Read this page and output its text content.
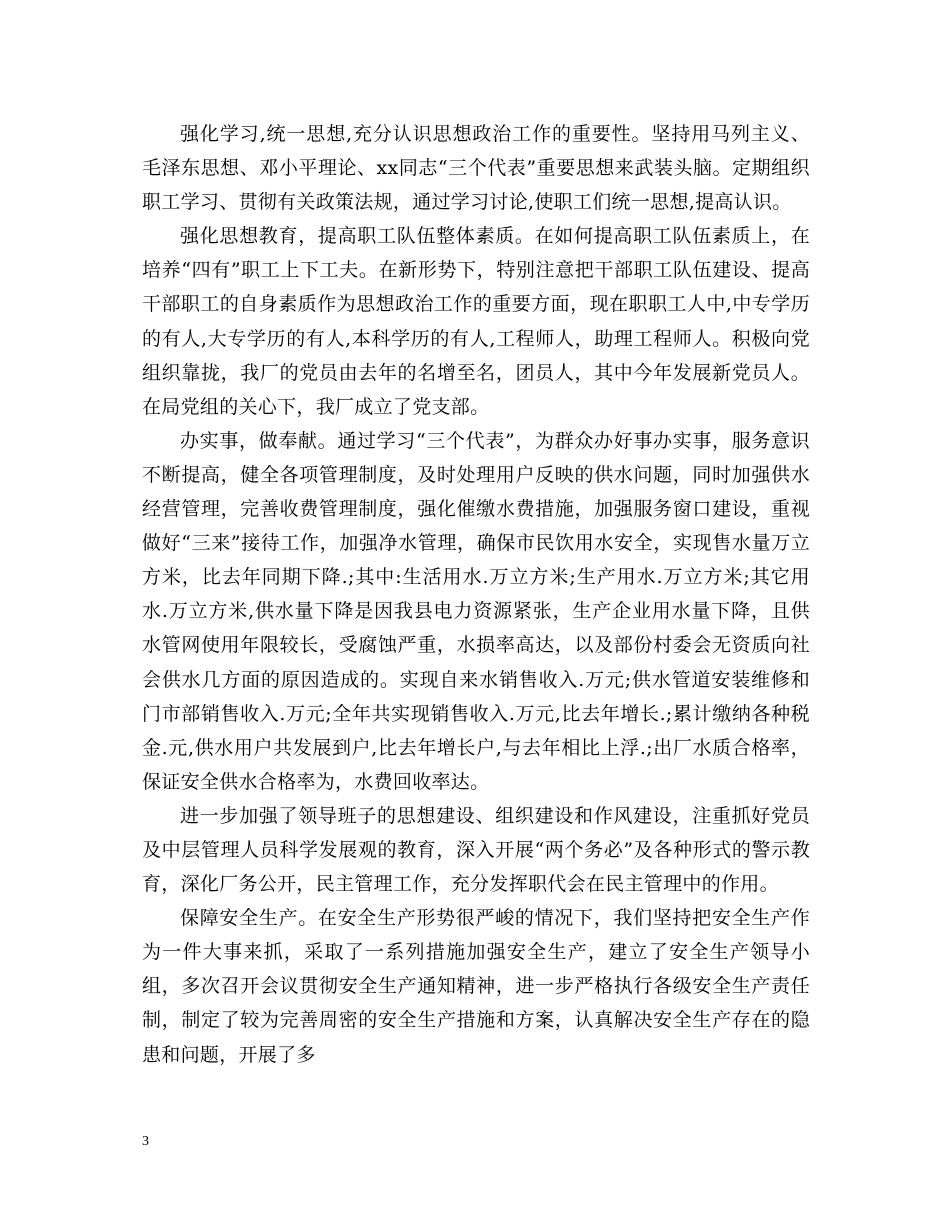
强化学习,统一思想,充分认识思想政治工作的重要性。坚持用马列主义、毛泽东思想、邓小平理论、xx同志“三个代表”重要思想来武装头脑。定期组织职工学习、贯彻有关政策法规，通过学习讨论,使职工们统一思想,提高认识。

强化思想教育，提高职工队伍整体素质。在如何提高职工队伍素质上，在培养“四有”职工上下工夫。在新形势下，特别注意把干部职工队伍建设、提高干部职工的自身素质作为思想政治工作的重要方面，现在职职工人中,中专学历的有人,大专学历的有人,本科学历的有人,工程师人，助理工程师人。积极向党组织靠拢，我厂的党员由去年的名增至名，团员人，其中今年发展新党员人。在局党组的关心下，我厂成立了党支部。

办实事，做奉献。通过学习“三个代表”，为群众办好事办实事，服务意识不断提高，健全各项管理制度，及时处理用户反映的供水问题，同时加强供水经营管理，完善收费管理制度，强化催缴水费措施，加强服务窗口建设，重视做好“三来”接待工作，加强净水管理，确保市民饮用水安全，实现售水量万立方米，比去年同期下降.;其中:生活用水.万立方米;生产用水.万立方米;其它用水.万立方米,供水量下降是因我县电力资源紧张，生产企业用水量下降，且供水管网使用年限较长，受腐蚀严重，水损率高达，以及部份村委会无资质向社会供水几方面的原因造成的。实现自来水销售收入.万元;供水管道安装维修和门市部销售收入.万元;全年共实现销售收入.万元,比去年增长.;累计缴纳各种税金.元,供水用户共发展到户,比去年增长户,与去年相比上浮.;出厂水质合格率，保证安全供水合格率为，水费回收率达。

进一步加强了领导班子的思想建设、组织建设和作风建设，注重抓好党员及中层管理人员科学发展观的教育，深入开展“两个务必”及各种形式的警示教育，深化厂务公开，民主管理工作，充分发挥职代会在民主管理中的作用。

保障安全生产。在安全生产形势很严峻的情况下，我们坚持把安全生产作为一件大事来抓，采取了一系列措施加强安全生产，建立了安全生产领导小组，多次召开会议贯彻安全生产通知精神，进一步严格执行各级安全生产责任制，制定了较为完善周密的安全生产措施和方案，认真解决安全生产存在的隐患和问题，开展了多

3
